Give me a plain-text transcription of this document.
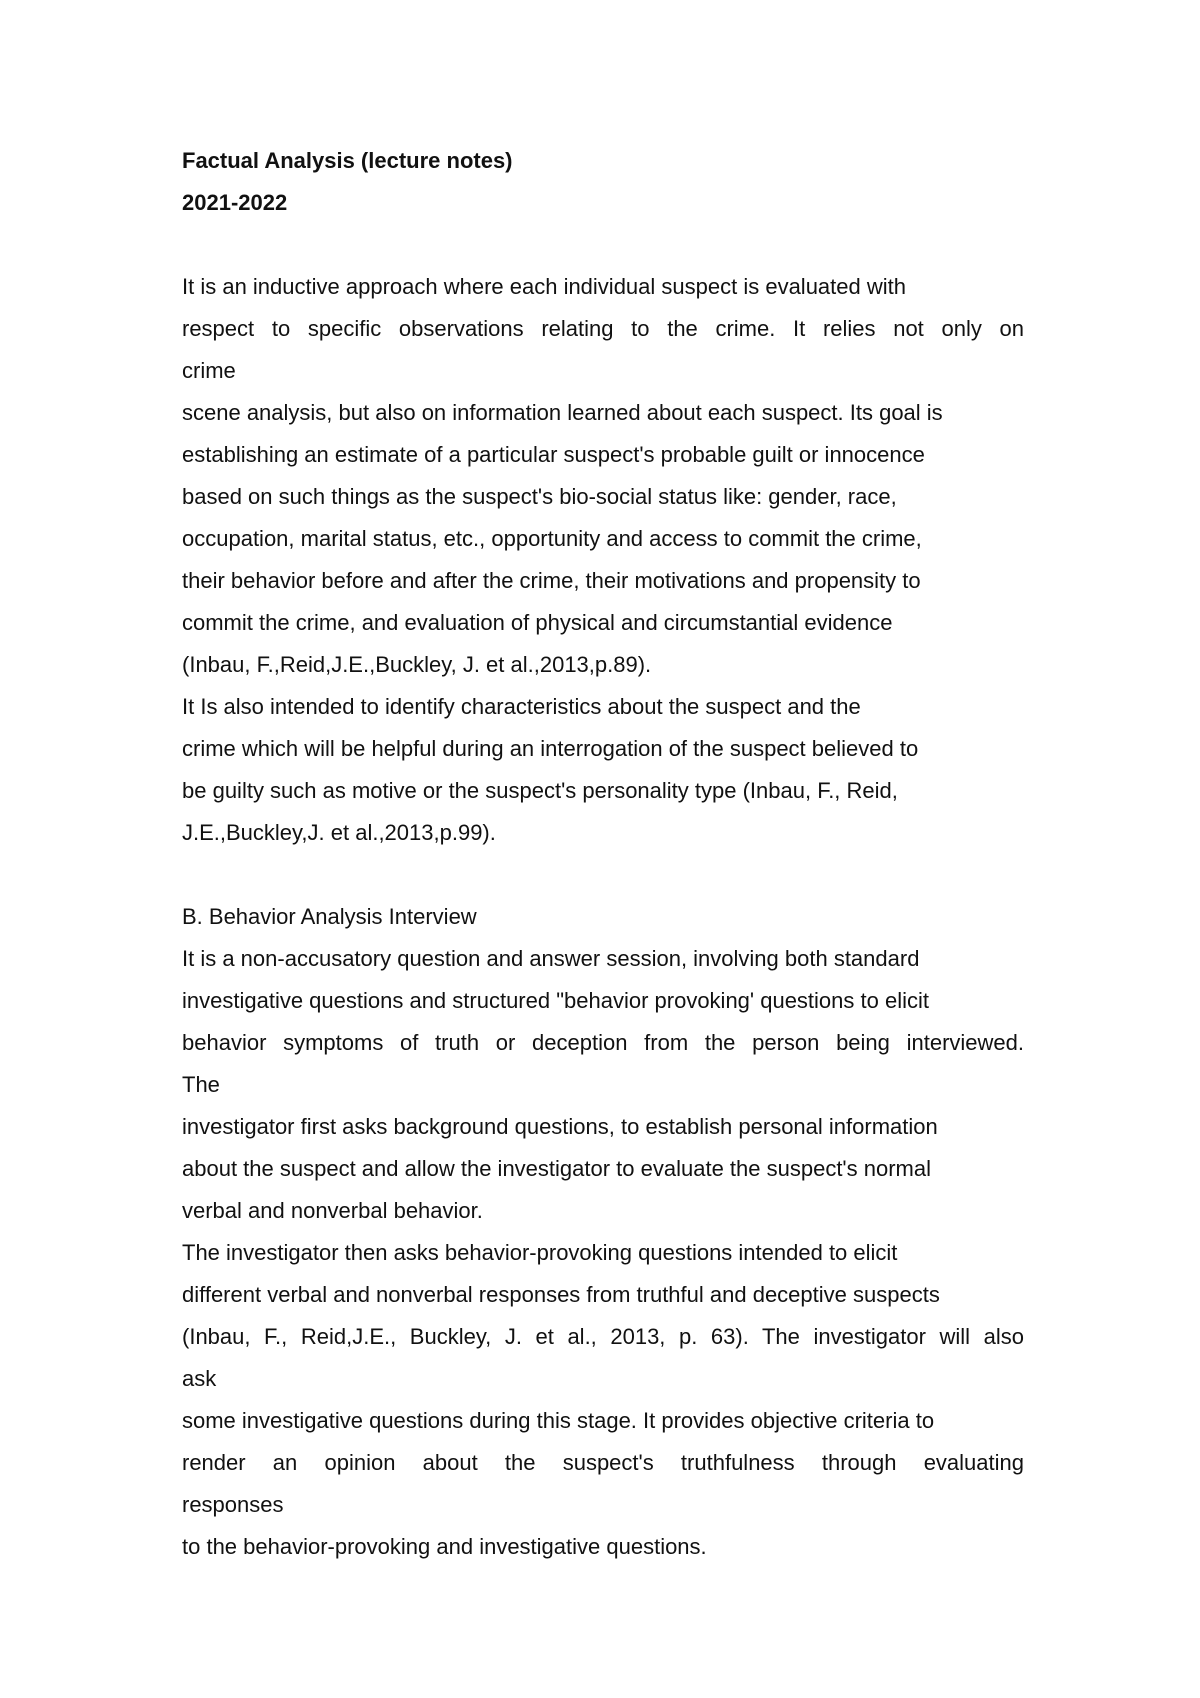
Factual Analysis (lecture notes)
2021-2022
It is an inductive approach where each individual suspect is evaluated with
respect to specific observations relating to the crime. It relies not only on
crime
scene analysis, but also on information learned about each suspect. Its goal is
establishing an estimate of a particular suspect's probable guilt or innocence
based on such things as the suspect's bio-social status like: gender, race,
occupation, marital status, etc., opportunity and access to commit the crime,
their behavior before and after the crime, their motivations and propensity to
commit the crime, and evaluation of physical and circumstantial evidence
(Inbau, F.,Reid,J.E.,Buckley, J. et al.,2013,p.89).
It Is also intended to identify characteristics about the suspect and the
crime which will be helpful during an interrogation of the suspect believed to
be guilty such as motive or the suspect's personality type (Inbau, F., Reid,
J.E.,Buckley,J. et al.,2013,p.99).
B. Behavior Analysis Interview
It is a non-accusatory question and answer session, involving both standard
investigative questions and structured "behavior provoking' questions to elicit
behavior symptoms of truth or deception from the person being interviewed.
The
investigator first asks background questions, to establish personal information
about the suspect and allow the investigator to evaluate the suspect's normal
verbal and nonverbal behavior.
The investigator then asks behavior-provoking questions intended to elicit
different verbal and nonverbal responses from truthful and deceptive suspects
(Inbau, F., Reid,J.E., Buckley, J. et al., 2013, p. 63). The investigator will also
ask
some investigative questions during this stage. It provides objective criteria to
render an opinion about the suspect's truthfulness through evaluating
responses
to the behavior-provoking and investigative questions.
